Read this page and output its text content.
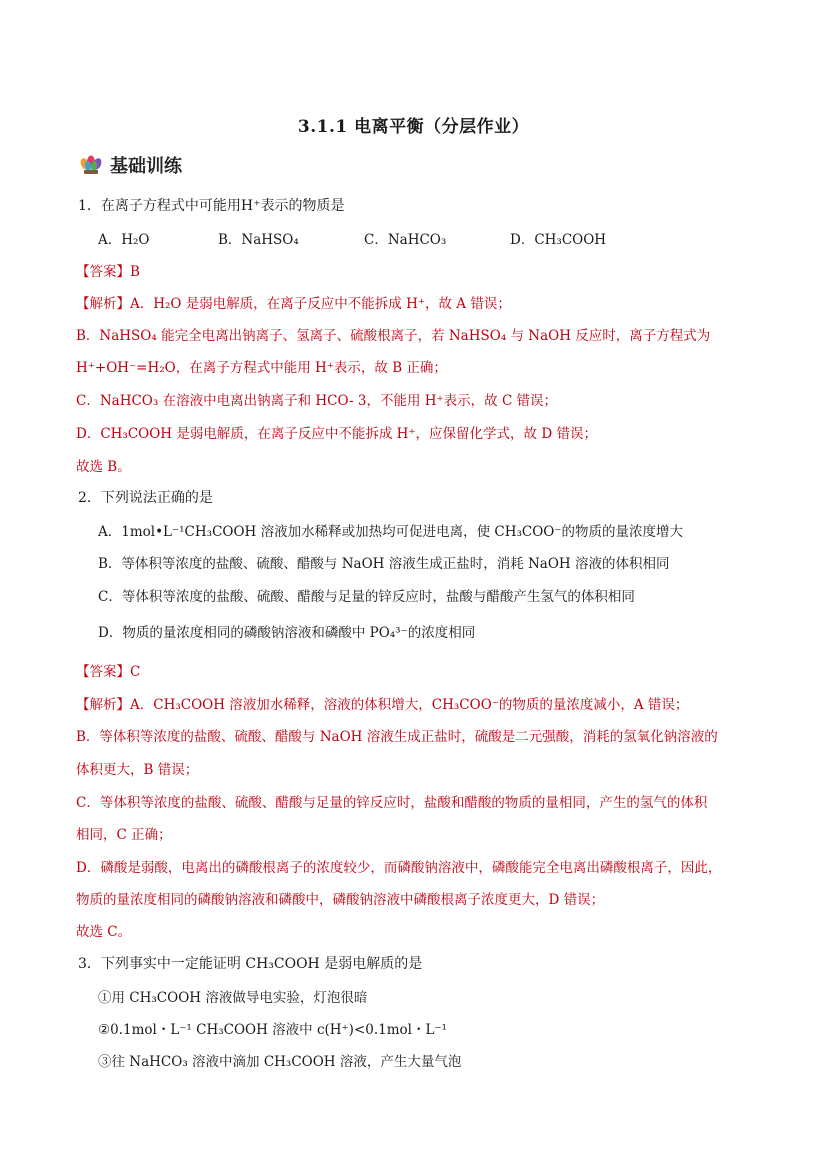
3.1.1 电离平衡（分层作业）
基础训练
1．在离子方程式中可能用H⁺表示的物质是
A．H₂O	B．NaHSO₄	C．NaHCO₃	D．CH₃COOH
【答案】B
【解析】A．H₂O 是弱电解质，在离子反应中不能拆成 H⁺，故 A 错误；
B．NaHSO₄ 能完全电离出钠离子、氢离子、硫酸根离子，若 NaHSO₄ 与 NaOH 反应时，离子方程式为
H⁺+OH⁻=H₂O，在离子方程式中能用 H⁺表示，故 B 正确；
C．NaHCO₃ 在溶液中电离出钠离子和 HCO- 3，不能用 H⁺表示，故 C 错误；
D．CH₃COOH 是弱电解质，在离子反应中不能拆成 H⁺，应保留化学式，故 D 错误；
故选 B。
2．下列说法正确的是
A．1mol•L⁻¹CH₃COOH 溶液加水稀释或加热均可促进电离，使 CH₃COO⁻的物质的量浓度增大
B．等体积等浓度的盐酸、硫酸、醋酸与 NaOH 溶液生成正盐时，消耗 NaOH 溶液的体积相同
C．等体积等浓度的盐酸、硫酸、醋酸与足量的锌反应时，盐酸与醋酸产生氢气的体积相同
D．物质的量浓度相同的磷酸钠溶液和磷酸中 PO₄³⁻的浓度相同
【答案】C
【解析】A．CH₃COOH 溶液加水稀释，溶液的体积增大，CH₃COO⁻的物质的量浓度减小，A 错误；
B．等体积等浓度的盐酸、硫酸、醋酸与 NaOH 溶液生成正盐时，硫酸是二元强酸，消耗的氢氧化钠溶液的
体积更大，B 错误；
C．等体积等浓度的盐酸、硫酸、醋酸与足量的锌反应时，盐酸和醋酸的物质的量相同，产生的氢气的体积
相同，C 正确；
D．磷酸是弱酸，电离出的磷酸根离子的浓度较少，而磷酸钠溶液中，磷酸能完全电离出磷酸根离子，因此，
物质的量浓度相同的磷酸钠溶液和磷酸中，磷酸钠溶液中磷酸根离子浓度更大，D 错误；
故选 C。
3．下列事实中一定能证明 CH₃COOH 是弱电解质的是
①用 CH₃COOH 溶液做导电实验，灯泡很暗
②0.1mol・L⁻¹ CH₃COOH 溶液中 c(H⁺)<0.1mol・L⁻¹
③往 NaHCO₃ 溶液中滴加 CH₃COOH 溶液，产生大量气泡
